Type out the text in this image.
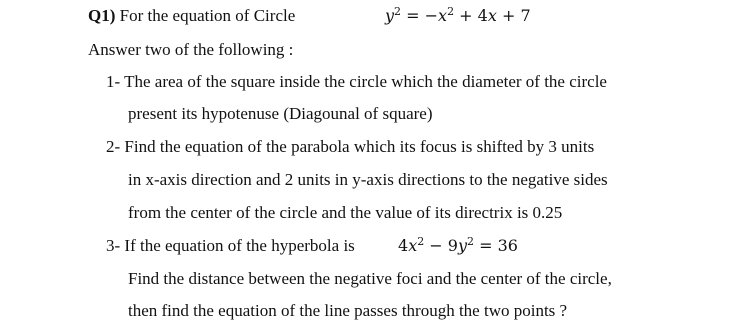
Q1) For the equation of Circle	$y^2 = -x^2 + 4x + 7$
Answer two of the following :
1- The area of the square inside the circle which the diameter of the circle
present its hypotenuse (Diagounal of square)
2- Find the equation of the parabola which its focus is shifted by 3 units
in x-axis direction and 2 units in y-axis directions to the negative sides
from the center of the circle and the value of its directrix is 0.25
3- If the equation of the hyperbola is	$4x^2 - 9y^2 = 36$
Find the distance between the negative foci and the center of the circle,
then find the equation of the line passes through the two points ?
